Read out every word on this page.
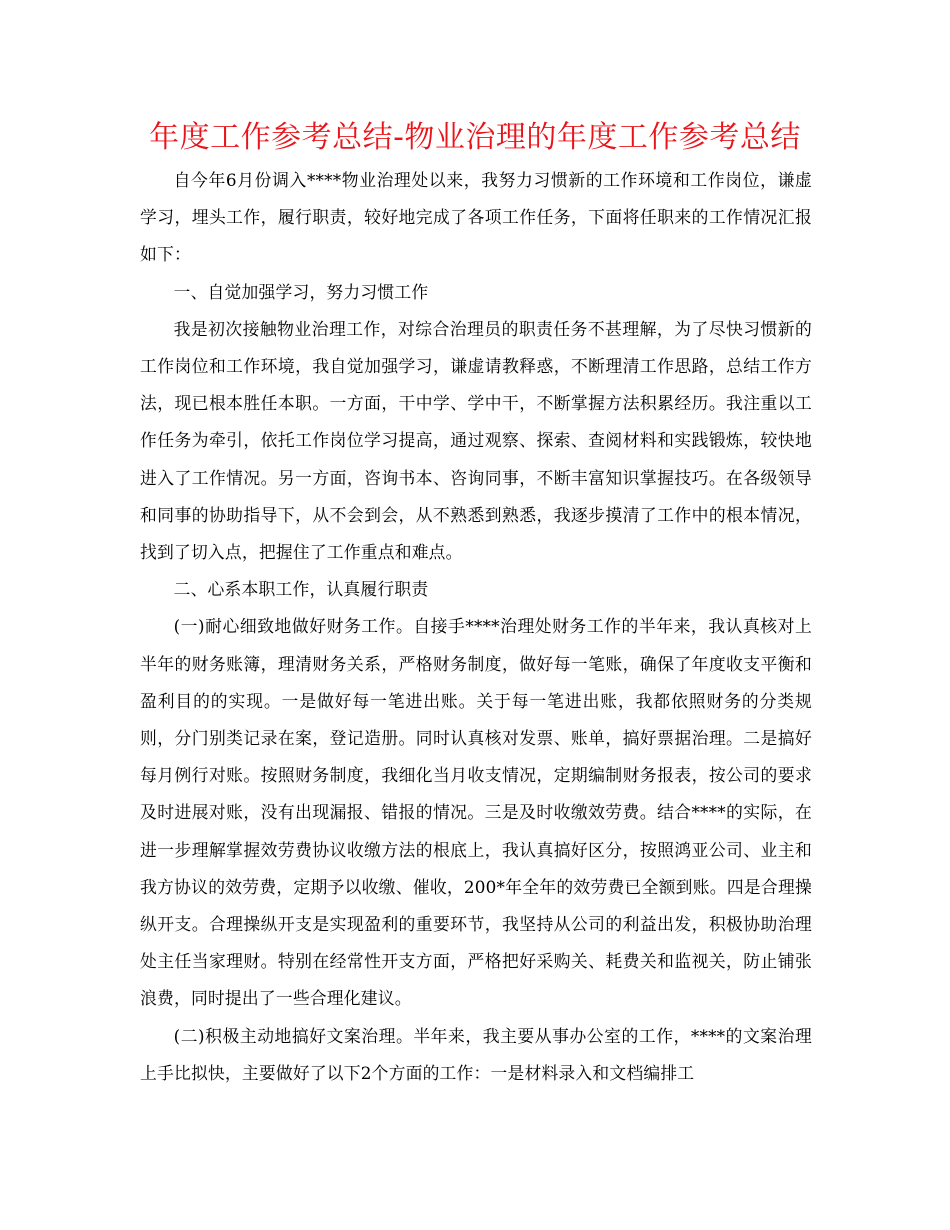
年度工作参考总结-物业治理的年度工作参考总结

自今年6月份调入****物业治理处以来，我努力习惯新的工作环境和工作岗位，谦虚学习，埋头工作，履行职责，较好地完成了各项工作任务，下面将任职来的工作情况汇报如下：

一、自觉加强学习，努力习惯工作

我是初次接触物业治理工作，对综合治理员的职责任务不甚理解，为了尽快习惯新的工作岗位和工作环境，我自觉加强学习，谦虚请教释惑，不断理清工作思路，总结工作方法，现已根本胜任本职。一方面，干中学、学中干，不断掌握方法积累经历。我注重以工作任务为牵引，依托工作岗位学习提高，通过观察、探索、查阅材料和实践锻炼，较快地进入了工作情况。另一方面，咨询书本、咨询同事，不断丰富知识掌握技巧。在各级领导和同事的协助指导下，从不会到会，从不熟悉到熟悉，我逐步摸清了工作中的根本情况，找到了切入点，把握住了工作重点和难点。

二、心系本职工作，认真履行职责

(一)耐心细致地做好财务工作。自接手****治理处财务工作的半年来，我认真核对上半年的财务账簿，理清财务关系，严格财务制度，做好每一笔账，确保了年度收支平衡和盈利目的的实现。一是做好每一笔进出账。关于每一笔进出账，我都依照财务的分类规则，分门别类记录在案，登记造册。同时认真核对发票、账单，搞好票据治理。二是搞好每月例行对账。按照财务制度，我细化当月收支情况，定期编制财务报表，按公司的要求及时进展对账，没有出现漏报、错报的情况。三是及时收缴效劳费。结合****的实际，在进一步理解掌握效劳费协议收缴方法的根底上，我认真搞好区分，按照鸿亚公司、业主和我方协议的效劳费，定期予以收缴、催收，200*年全年的效劳费已全额到账。四是合理操纵开支。合理操纵开支是实现盈利的重要环节，我坚持从公司的利益出发，积极协助治理处主任当家理财。特别在经常性开支方面，严格把好采购关、耗费关和监视关，防止铺张浪费，同时提出了一些合理化建议。

(二)积极主动地搞好文案治理。半年来，我主要从事办公室的工作，****的文案治理上手比拟快，主要做好了以下2个方面的工作：一是材料录入和文档编排工
